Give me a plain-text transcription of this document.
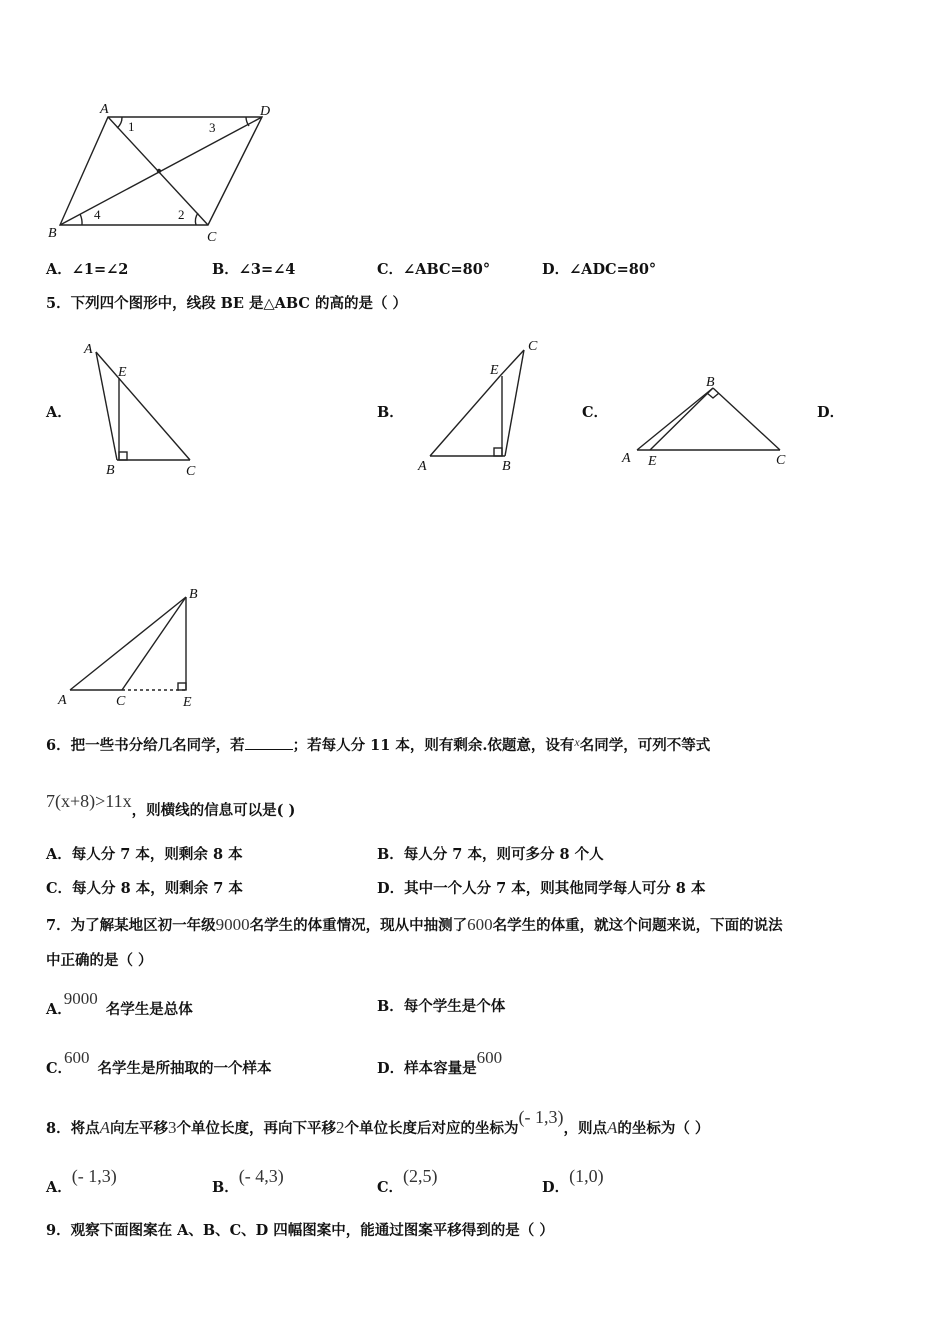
A	D
B	C
1	3
4	2
A
E
B	C	A
E
B
C
A E
B
C
A	C	E
B
A．∠1=∠2	B．∠3=∠4	C．∠ABC=80°	D．∠ADC=80°
5．下列四个图形中，线段 BE 是△ABC 的高的是（ ）
A．	B．	C．	D．
6．把一些书分给几名同学，若	；若每人分 11 本，则有剩余.依题意，设有$^x$名同学，可列不等式
7(x+8)>11x，则横线的信息可以是( )
A．每人分 7 本，则剩余 8 本	B．每人分 7 本，则可多分 8 个人
C．每人分 8 本，则剩余 7 本	D．其中一个人分 7 本，则其他同学每人可分 8 本
7．为了解某地区初一年级9000名学生的体重情况，现从中抽测了600名学生的体重，就这个问题来说，下面的说法
中正确的是（ ）
A．9000名学生是总体	B．每个学生是个体
C．600名学生是所抽取的一个样本	D．样本容量是600
8．将点A向左平移3个单位长度，再向下平移2个单位长度后对应的坐标为(- 1,3)，则点A的坐标为（ ）
A．(- 1,3)
B．(- 4,3)
C．(2,5)
D．(1,0)
9．观察下面图案在 A、B、C、D 四幅图案中，能通过图案平移得到的是（ ）
